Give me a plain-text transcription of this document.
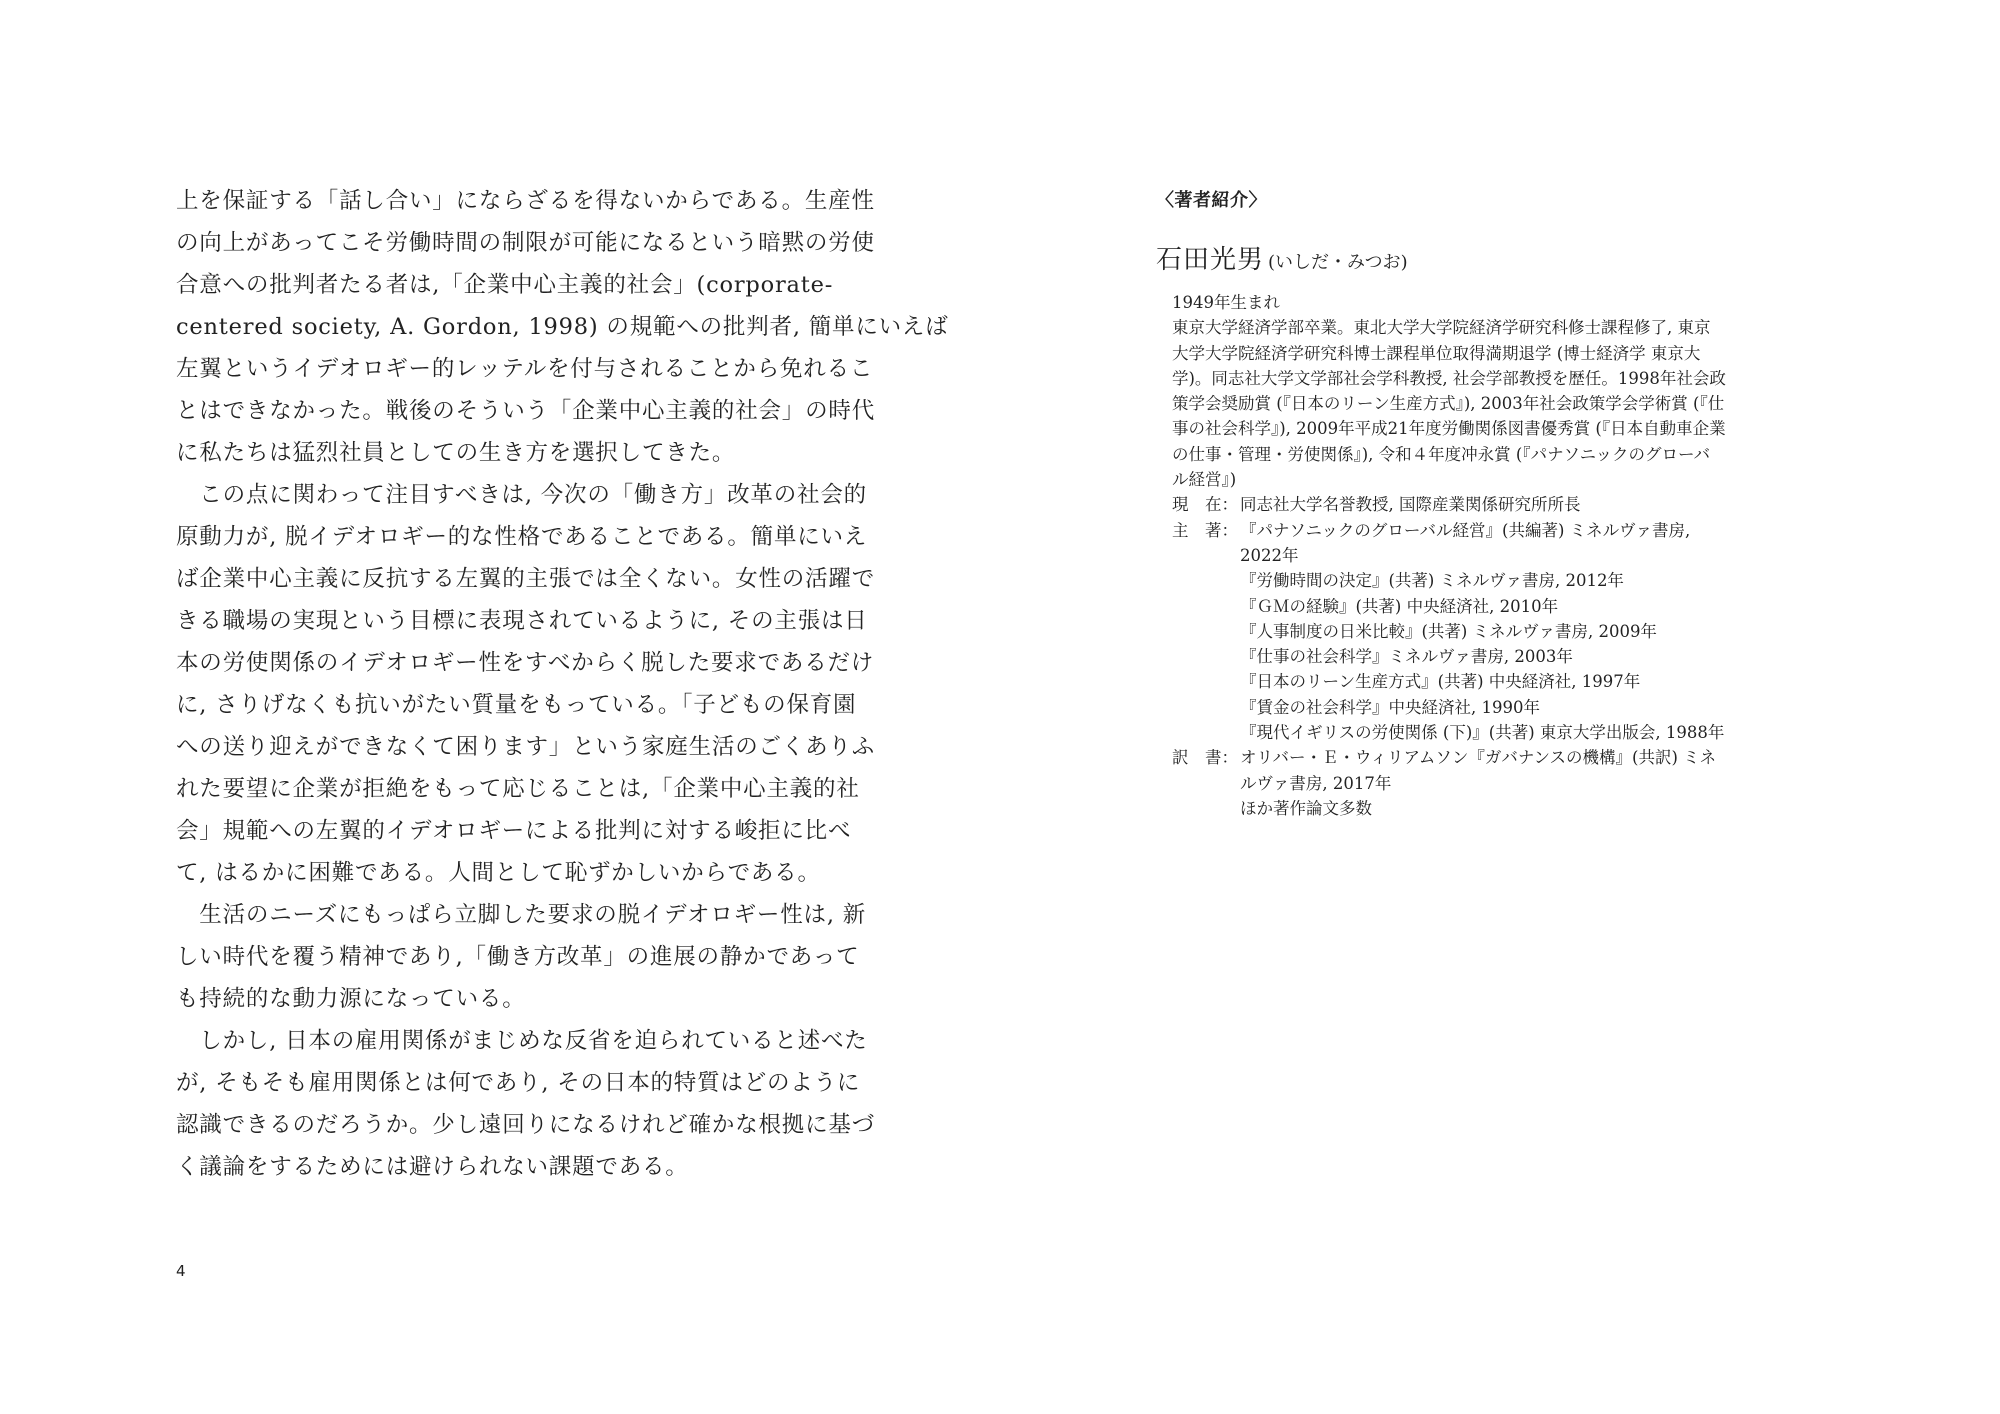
上を保証する「話し合い」にならざるを得ないからである。生産性
の向上があってこそ労働時間の制限が可能になるという暗黙の労使
合意への批判者たる者は,「企業中心主義的社会」(corporate-
centered society, A. Gordon, 1998) の規範への批判者, 簡単にいえば
左翼というイデオロギー的レッテルを付与されることから免れるこ
とはできなかった。戦後のそういう「企業中心主義的社会」の時代
に私たちは猛烈社員としての生き方を選択してきた。

　この点に関わって注目すべきは, 今次の「働き方」改革の社会的
原動力が, 脱イデオロギー的な性格であることである。簡単にいえ
ば企業中心主義に反抗する左翼的主張では全くない。女性の活躍で
きる職場の実現という目標に表現されているように, その主張は日
本の労使関係のイデオロギー性をすべからく脱した要求であるだけ
に, さりげなくも抗いがたい質量をもっている。「子どもの保育園
への送り迎えができなくて困ります」という家庭生活のごくありふ
れた要望に企業が拒絶をもって応じることは,「企業中心主義的社
会」規範への左翼的イデオロギーによる批判に対する峻拒に比べ
て, はるかに困難である。人間として恥ずかしいからである。

　生活のニーズにもっぱら立脚した要求の脱イデオロギー性は, 新
しい時代を覆う精神であり,「働き方改革」の進展の静かであって
も持続的な動力源になっている。

　しかし, 日本の雇用関係がまじめな反省を迫られていると述べた
が, そもそも雇用関係とは何であり, その日本的特質はどのように
認識できるのだろうか。少し遠回りになるけれど確かな根拠に基づ
く議論をするためには避けられない課題である。

4
〈著者紹介〉
石田光男 (いしだ・みつお)
1949年生まれ
東京大学経済学部卒業。東北大学大学院経済学研究科修士課程修了, 東京
大学大学院経済学研究科博士課程単位取得満期退学 (博士経済学 東京大
学)。同志社大学文学部社会学科教授, 社会学部教授を歴任。1998年社会政
策学会奨励賞 (『日本のリーン生産方式』), 2003年社会政策学会学術賞 (『仕
事の社会科学』), 2009年平成21年度労働関係図書優秀賞 (『日本自動車企業
の仕事・管理・労使関係』), 令和４年度冲永賞 (『パナソニックのグローバ
ル経営』)
現　在： 同志社大学名誉教授, 国際産業関係研究所所長
主　著： 『パナソニックのグローバル経営』(共編著) ミネルヴァ書房,
2022年
『労働時間の決定』(共著) ミネルヴァ書房, 2012年
『ＧＭの経験』(共著) 中央経済社, 2010年
『人事制度の日米比較』(共著) ミネルヴァ書房, 2009年
『仕事の社会科学』ミネルヴァ書房, 2003年
『日本のリーン生産方式』(共著) 中央経済社, 1997年
『賃金の社会科学』中央経済社, 1990年
『現代イギリスの労使関係 (下)』(共著) 東京大学出版会, 1988年
訳　書： オリバー・Ｅ・ウィリアムソン『ガバナンスの機構』(共訳) ミネ
ルヴァ書房, 2017年
ほか著作論文多数
